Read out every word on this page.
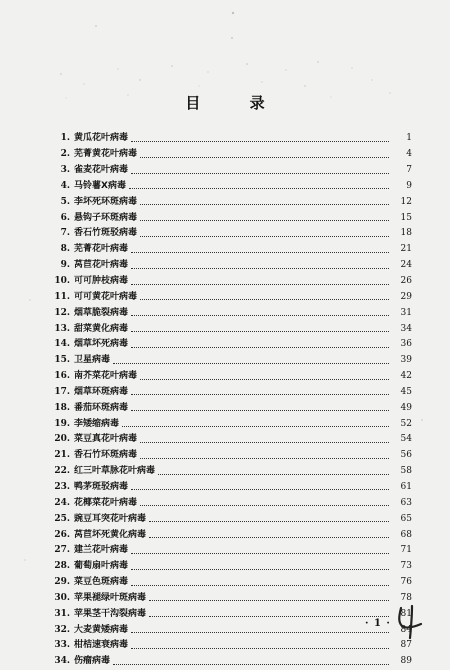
目 录
1. 黄瓜花叶病毒	1
2. 芜菁黄花叶病毒	4
3. 雀麦花叶病毒	7
4. 马铃薯X病毒	9
5. 李坏死环斑病毒	12
6. 悬钩子环斑病毒	15
7. 香石竹斑驳病毒	18
8. 芜菁花叶病毒	21
9. 莴苣花叶病毒	24
10. 可可肿枝病毒	26
11. 可可黄花叶病毒	29
12. 烟草脆裂病毒	31
13. 甜菜黄化病毒	34
14. 烟草坏死病毒	36
15. 卫星病毒	39
16. 南芥菜花叶病毒	42
17. 烟草环斑病毒	45
18. 番茄环斑病毒	49
19. 李矮缩病毒	52
20. 菜豆真花叶病毒	54
21. 香石竹环斑病毒	56
22. 红三叶草脉花叶病毒	58
23. 鸭茅斑驳病毒	61
24. 花椰菜花叶病毒	63
25. 豌豆耳突花叶病毒	65
26. 莴苣坏死黄化病毒	68
27. 建兰花叶病毒	71
28. 葡萄扇叶病毒	73
29. 菜豆色斑病毒	76
30. 苹果褪绿叶斑病毒	78
31. 苹果茎干沟裂病毒	81
32. 大麦黄矮病毒	84
33. 柑桔速衰病毒	87
34. 伤瘤病毒	89
· 1 ·
